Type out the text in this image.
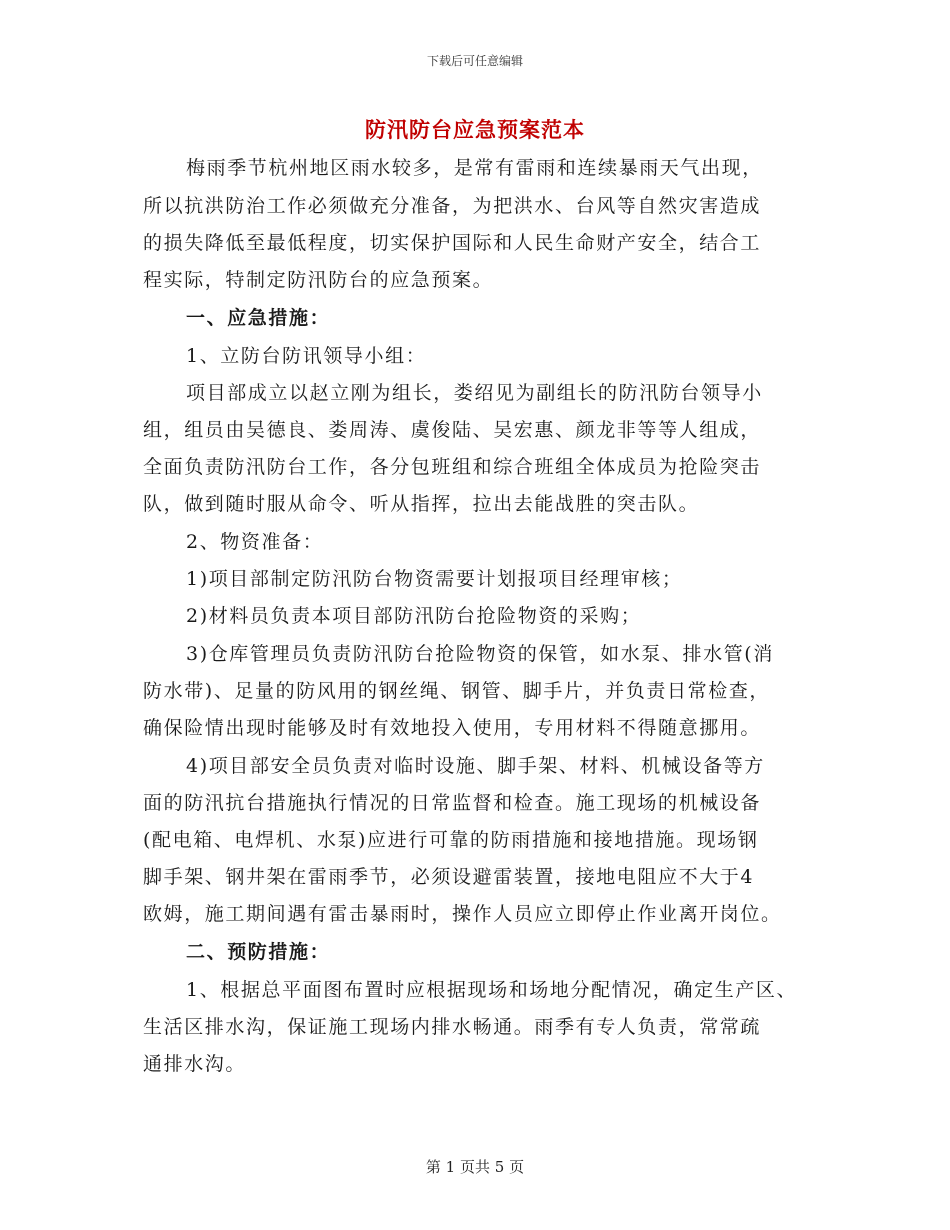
下载后可任意编辑
防汛防台应急预案范本
梅雨季节杭州地区雨水较多，是常有雷雨和连续暴雨天气出现，
所以抗洪防治工作必须做充分准备，为把洪水、台风等自然灾害造成
的损失降低至最低程度，切实保护国际和人民生命财产安全，结合工
程实际，特制定防汛防台的应急预案。
一、应急措施：
1、立防台防讯领导小组：
项目部成立以赵立刚为组长，娄绍见为副组长的防汛防台领导小
组，组员由吴德良、娄周涛、虞俊陆、吴宏惠、颜龙非等等人组成，
全面负责防汛防台工作，各分包班组和综合班组全体成员为抢险突击
队，做到随时服从命令、听从指挥，拉出去能战胜的突击队。
2、物资准备：
1)项目部制定防汛防台物资需要计划报项目经理审核；
2)材料员负责本项目部防汛防台抢险物资的采购；
3)仓库管理员负责防汛防台抢险物资的保管，如水泵、排水管(消
防水带)、足量的防风用的钢丝绳、钢管、脚手片，并负责日常检查，
确保险情出现时能够及时有效地投入使用，专用材料不得随意挪用。
4)项目部安全员负责对临时设施、脚手架、材料、机械设备等方
面的防汛抗台措施执行情况的日常监督和检查。施工现场的机械设备
(配电箱、电焊机、水泵)应进行可靠的防雨措施和接地措施。现场钢
脚手架、钢井架在雷雨季节，必须设避雷装置，接地电阻应不大于4
欧姆，施工期间遇有雷击暴雨时，操作人员应立即停止作业离开岗位。
二、预防措施：
1、根据总平面图布置时应根据现场和场地分配情况，确定生产区、
生活区排水沟，保证施工现场内排水畅通。雨季有专人负责，常常疏
通排水沟。
第 1 页共 5 页
